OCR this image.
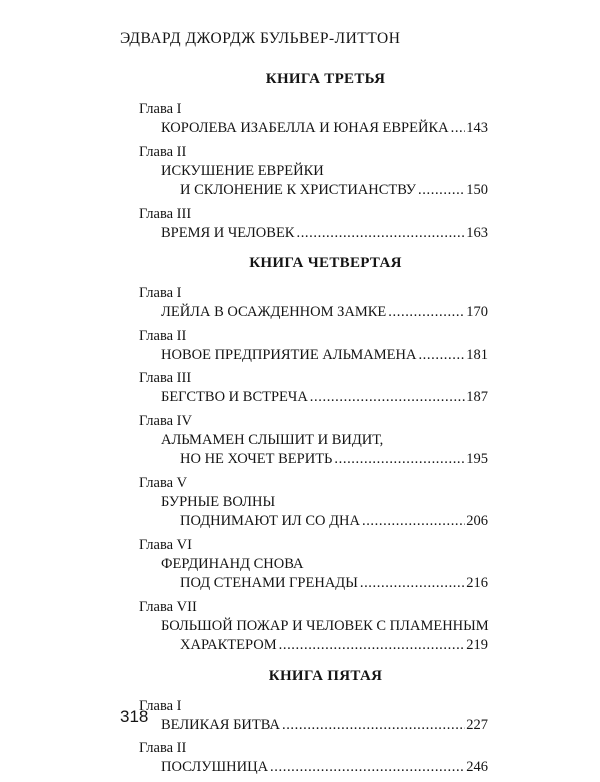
ЭДВАРД ДЖОРДЖ БУЛЬВЕР-ЛИТТОН
КНИГА ТРЕТЬЯ
Глава I
КОРОЛЕВА ИЗАБЕЛЛА И ЮНАЯ ЕВРЕЙКА ..... 143
Глава II
ИСКУШЕНИЕ ЕВРЕЙКИ
И СКЛОНЕНИЕ К ХРИСТИАНСТВУ .....	150
Глава III
ВРЕМЯ И ЧЕЛОВЕК .....	163
КНИГА ЧЕТВЕРТАЯ
Глава I
ЛЕЙЛА В ОСАЖДЕННОМ ЗАМКЕ .....	170
Глава II
НОВОЕ ПРЕДПРИЯТИЕ АЛЬМАМЕНА .....	181
Глава III
БЕГСТВО И ВСТРЕЧА .....	187
Глава IV
АЛЬМАМЕН СЛЫШИТ И ВИДИТ,
НО НЕ ХОЧЕТ ВЕРИТЬ .....	195
Глава V
БУРНЫЕ ВОЛНЫ
ПОДНИМАЮТ ИЛ СО ДНА .....	206
Глава VI
ФЕРДИНАНД СНОВА
ПОД СТЕНАМИ ГРЕНАДЫ .....	216
Глава VII
БОЛЬШОЙ ПОЖАР И ЧЕЛОВЕК С ПЛАМЕННЫМ
ХАРАКТЕРОМ .....	219
КНИГА ПЯТАЯ
Глава I
ВЕЛИКАЯ БИТВА .....	227
Глава II
ПОСЛУШНИЦА .....	246
318
